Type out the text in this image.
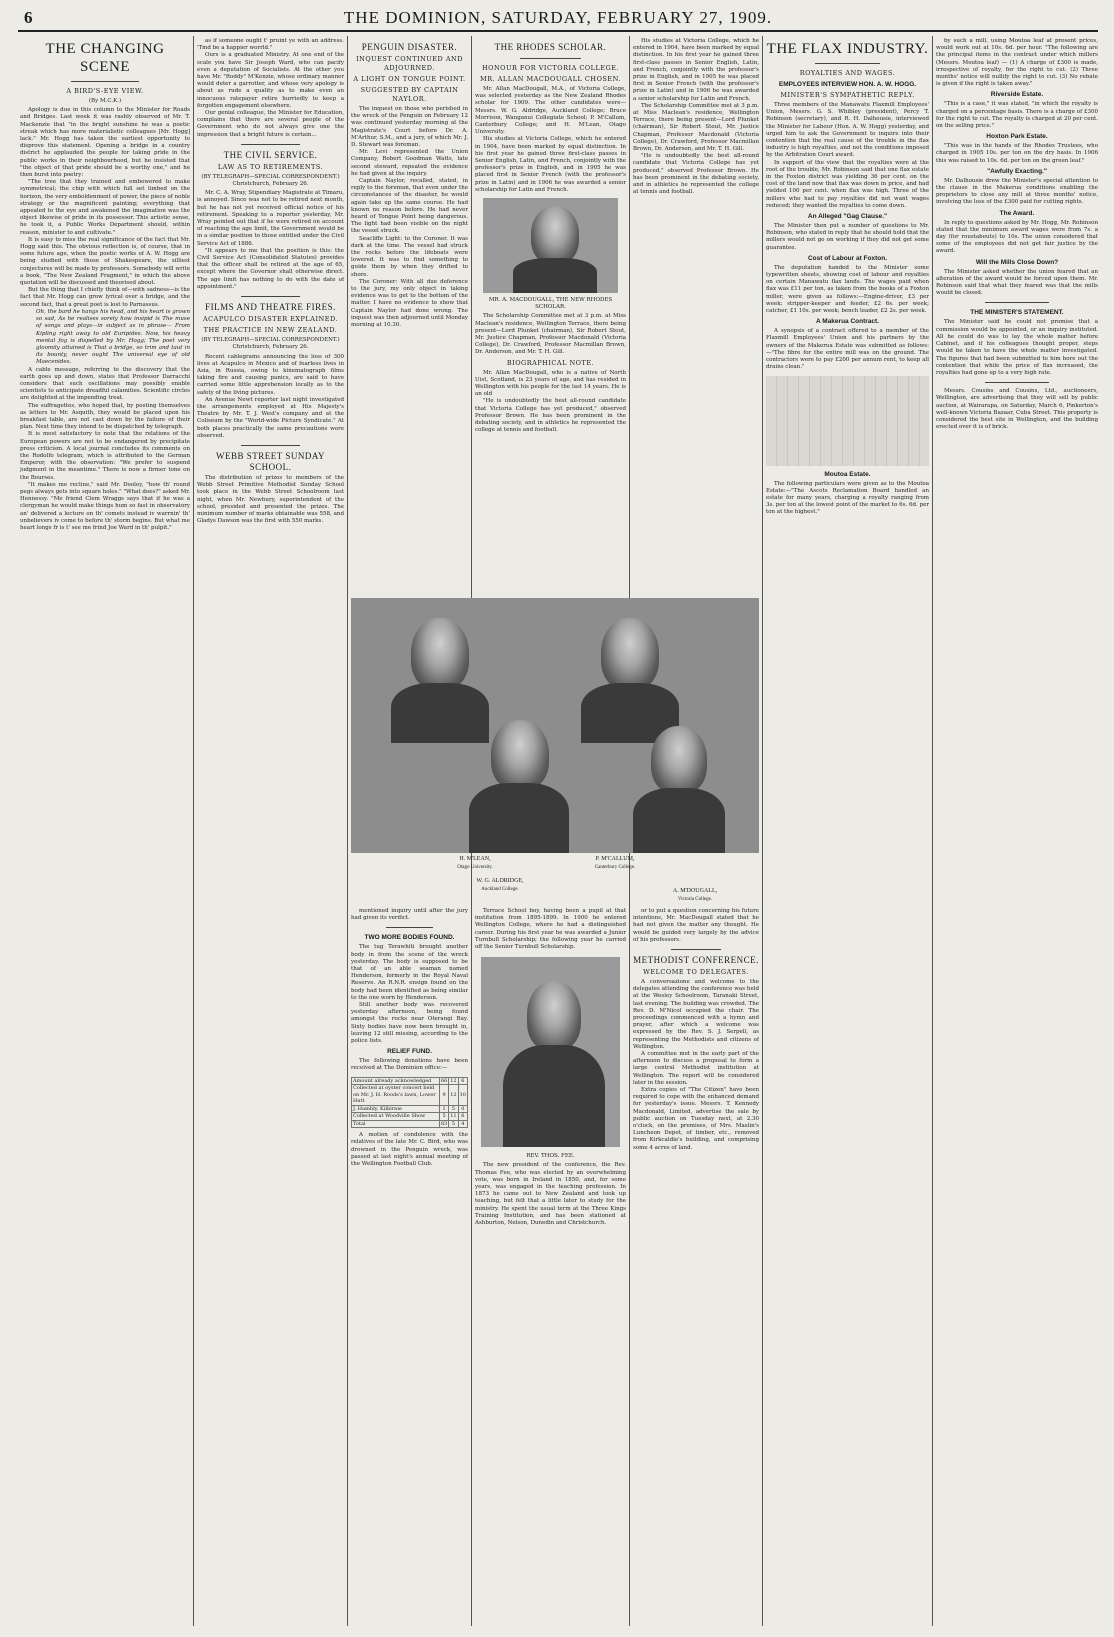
6	THE DOMINION, SATURDAY, FEBRUARY 27, 1909.
THE CHANGING SCENE
A BIRD'S-EYE VIEW.
(By M.C.K.)

Apology is due in this column to the Minister for Roads and Bridges. Last week it was rashly observed of Mr. T. Mackenzie that "in the bright sunshine he was a poetic streak which has more materialistic colleagues [Mr. Hogg] lack." Mr. Hogg has taken the earliest opportunity to disprove this statement. Opening a bridge in a country district he applauded the people for taking pride in the public works in their neighbourhood, but he insisted that "the object of that pride should be a worthy one," and he then burst into poetry:

"The tree that they trained and embowered to make symmetrical; the chip with which full set limbed on the horizon, the very emboldenment of power, the piece of noble strategy or the magnificent painting; everything that appealed to the eye and awakened the imagination was the object likewise of pride in its possessor. This artistic sense, he took it, a Public Works Department should, within reason, minister to and cultivate."

It is easy to miss the real significance of the fact that Mr. Hogg said this. The obvious reflection is, of course, that in some future age, when the poetic works of A. W. Hogg are being studied with those of Shakespeare, the silliest conjectures will be made by professors. Somebody will write a book, "The New Zealand Fragment," in which the above quotation will be discussed and theorised about.

But the thing that I chiefly think of—with sadness—is the fact that Mr. Hogg can grow lyrical over a bridge, and the second fact, that a great poet is lost to Parnassus.

Oh, the bard he hangs his head, and his heart is grown so sad, As he realises sorely how insipid is The muse of songs and plays—in subject as in phrase— From Kipling right away to old Euripides. Now, his heavy mental fog is dispelled by Mr. Hogg; The poet very gloomily attained is That a bridge, so trim and taut in its bounty, never ought The universal eye of old Maecenides.

A cable message, referring to the discovery that the earth goes up and down, states that Professor Darracchi considers that such oscillations may possibly enable scientists to anticipate dreadful calamities. Scientific circles are delighted at the impending treat.

The suffragettes, who hoped that, by posting themselves as letters to Mr. Asquith, they would be placed upon his breakfast table, are not cast down by the failure of their plan. Next time they intend to be dispatched by telegraph.

It is most satisfactory to note that the relations of the European powers are not to be endangered by precipitate press criticism. A local journal concludes its comments on the Rodolfo telegram, which is attributed to the German Emperor, with the observation: "We prefer to suspend judgment in the meantime." There is now a firmer tone on the Bourses.

"It makes me recline," said Mr. Dooley, "how th' round pegs always gets into square holes." "What does?" asked Mr. Hennessy. "Me friend Clem Wraggs says that if he was a clergyman he would make things hum so fast in observatory an' delivered a lecture on th' comets instead iv warrnin' th' unbelievers iv come to before th' storm begins. But what me heart longs fr is t' see me frind Joe Ward in th' pulpit."

as if someone ought t' pruint ye with an address. 'Tmd be a happier worrld."

Ours is a graduated Ministry. At one end of the scale you have Sir Joseph Ward, who can pacify even a deputation of Socialists. At the other you have Mr. "Roddy" M'Kenzie, whose ordinary manner would deter a garrotter, and whose very apology is about as rude a quality as to make even an innocuous ratepayer retire hurriedly to keep a forgotten engagement elsewhere.

Our genial colleague, the Minister for Education, complains that there are several people of the Government who do not always give one the impression that a bright future is certain...

THE CIVIL SERVICE.
LAW AS TO RETIREMENTS.
(BY TELEGRAPH—SPECIAL CORRESPONDENT.) Christchurch, February 26.

Mr. C. A. Wray, Stipendiary Magistrate at Timaru, is annoyed. Since was not to be retired next month, but he has not yet received official notice of his retirement. Speaking to a reporter yesterday, Mr. Wray pointed out that if he were retired on account of reaching the age limit, the Government would be in a similar position to those entitled under the Civil Service Act of 1886.

"It appears to me that the position is this: the Civil Service Act (Consolidated Statutes) provides that the officer shall be retired at the age of 65, except where the Governor shall otherwise direct. The age limit has nothing to do with the date of appointment."

FILMS AND THEATRE FIRES.
ACAPULCO DISASTER EXPLAINED.
THE PRACTICE IN NEW ZEALAND.
(BY TELEGRAPH—SPECIAL CORRESPONDENT.) Christchurch, February 26.

Recent cablegrams announcing the loss of 300 lives at Acapulco in Mexico and of fearless lives in Asia, in Russia, owing to kinematograph films taking fire and causing panics, are said to have carried some little apprehension locally as to the safety of the living pictures.

An Avenue Newt reporter last night investigated the arrangements employed at His Majesty's Theatre by Mr. T. J. West's company and at the Coliseum by the "World-wide Picture Syndicate." At both places practically the same precautions were observed.

WEBB STREET SUNDAY SCHOOL.

The distribution of prizes to members of the Webb Street Primitive Methodist Sunday School took place in the Webb Street Schoolroom last night, when Mr. Newbury, superintendent of the school, presided and presented the prizes. The minimum number of marks obtainable was 558, and Gladys Dawson was the first with 550 marks.

PENGUIN DISASTER.
INQUEST CONTINUED AND ADJOURNED.
A LIGHT ON TONGUE POINT.
SUGGESTED BY CAPTAIN NAYLOR.

The inquest on those who perished in the wreck of the Penguin on February 12 was continued yesterday morning at the Magistrate's Court before Dr. A. M'Arthur, S.M., and a jury, of which Mr. J. D. Stewart was foreman.

Mr. Levi represented the Union Company, Robert Goodman Watts, late second steward, repeated the evidence he had given at the inquiry.

Captain Naylor, recalled, stated, in reply to the foreman, that even under the circumstances of the disaster, he would again take up the same course. He had known no reason before. He had never heard of Tongue Point being dangerous. The light had been visible on the night the vessel struck.

Seacliffe Light: to the Coroner. It was dark at the time. The vessel had struck the rocks before the lifeboats were lowered. It was to find something to guide them by when they drifted to shore.

The Coroner: With all due deference to the jury, my only object in taking evidence was to get to the bottom of the matter. I have no evidence to show that Captain Naylor had done wrong. The inquest was then adjourned until Monday morning at 10.30.

THE RHODES SCHOLAR.
HONOUR FOR VICTORIA COLLEGE.
MR. ALLAN MACDOUGALL CHOSEN.

Mr. Allan MacDougall, M.A., of Victoria College, was selected yesterday as the New Zealand Rhodes scholar for 1909. The other candidates were—Messrs. W. G. Aldridge, Auckland College; Bruce Morrison, Wanganui Collegiate School; P. M'Callum, Canterbury College; and H. M'Lean, Otago University.

His studies at Victoria College, which he entered in 1904, have been marked by equal distinction. In his first year he gained three first-class passes in Senior English, Latin, and French, conjointly with the professor's prize in English, and in 1905 he was placed first in Senior French (with the professor's prize in Latin) and in 1906 he was awarded a senior scholarship for Latin and French.

MR. A. MACDOUGALL, THE NEW RHODES SCHOLAR.

The Scholarship Committee met at 3 p.m. at Miss Maclean's residence, Wellington Terrace, there being present—Lord Plunket (chairman), Sir Robert Stout, Mr. Justice Chapman, Professor Macdonald (Victoria College), Dr. Crawford, Professor Macmillan Brown, Dr. Anderson, and Mr. T. H. Gill.

BIOGRAPHICAL NOTE.

Mr. Allan MacDougall, who is a native of North Uist, Scotland, is 23 years of age, and has resided in Wellington with his people for the last 14 years. He is an old

"He is undoubtedly the best all-round candidate that Victoria College has yet produced," observed Professor Brown. He has been prominent in the debating society, and in athletics he represented the college at tennis and football.

H. M'LEAN,
Otago University.
P. M'CALLUM,
Canterbury College.
W. G. ALDRIDGE,
Auckland College.	A. M'DOUGALL,
Victoria College.

mentioned inquiry until after the jury had given its verdict.

TWO MORE BODIES FOUND.

The tug Terawhiti brought another body in from the scene of the wreck yesterday. The body is supposed to be that of an able seaman named Henderson, formerly in the Royal Naval Reserve. An R.N.R. ensign found on the body had been identified as being similar to the one worn by Henderson.

Still another body was recovered yesterday afternoon, being found amongst the rocks near Oterangi Bay. Sixty bodies have now been brought in, leaving 12 still missing, according to the police lists.

RELIEF FUND.

The following donations have been received at The Dominion office:—

Amount already acknowledged	66	12	6
Collected at oyster concert held on Mr. J. H. Roods's lawn, Lower Hutt	9	12	10
J. Hambly, Kilbirnie	1	5	0
Collected at Woodville Show	5	11	6
Total	83	5	4

A motion of condolence with the relatives of the late Mr. C. Bird, who was drowned in the Penguin wreck, was passed at last night's annual meeting of the Wellington Football Club.

Terrace School boy, having been a pupil at that institution from 1895-1899. In 1900 he entered Wellington College, where he had a distinguished career. During his first year he was awarded a Junior Turnbull Scholarship; the following year he carried off the Senior Turnbull Scholarship.

REV. THOS. FEE.

The new president of the conference, the Rev. Thomas Fee, who was elected by an overwhelming vote, was born in Ireland in 1850, and, for some years, was engaged in the teaching profession. In 1873 he came out to New Zealand and took up teaching, but felt that a little later to study for the ministry. He spent the usual term at the Three Kings Training Institution, and has been stationed at Ashburton, Nelson, Dunedin and Christchurch.

or to put a question concerning his future intentions, Mr. MacDougall stated that he had not given the matter any thought. He would be guided very largely by the advice of his professors.

METHODIST CONFERENCE.
WELCOME TO DELEGATES.

A conversazione and welcome to the delegates attending the conference was held at the Wesley Schoolroom, Taranaki Street, last evening. The building was crowded. The Rev. D. M'Nicol occupied the chair. The proceedings commenced with a hymn and prayer, after which a welcome was expressed by the Rev. S. J. Serpell, as representing the Methodists and citizens of Wellington.

A committee met in the early part of the afternoon to discuss a proposal to form a large central Methodist institution at Wellington. The report will be considered later in the session.

Extra copies of "The Citizen" have been required to cope with the enhanced demand for yesterday's issue. Messrs. T. Kennedy Macdonald, Limited, advertise the sale by public auction on Tuesday next, at 2.30 o'clock, on the premises, of Mrs. Maslin's Luncheon Depot, of timber, etc., removed from Kirkcaldie's building, and comprising some 4 acres of land.

His studies at Victoria College, which he entered in 1904, have been marked by equal distinction. In his first year he gained three first-class passes in Senior English, Latin, and French, conjointly with the professor's prize in English, and in 1905 he was placed first in Senior French (with the professor's prize in Latin) and in 1906 he was awarded a senior scholarship for Latin and French.

The Scholarship Committee met at 3 p.m. at Miss Maclean's residence, Wellington Terrace, there being present—Lord Plunket (chairman), Sir Robert Stout, Mr. Justice Chapman, Professor Macdonald (Victoria College), Dr. Crawford, Professor Macmillan Brown, Dr. Anderson, and Mr. T. H. Gill.

"He is undoubtedly the best all-round candidate that Victoria College has yet produced," observed Professor Brown. He has been prominent in the debating society, and in athletics he represented the college at tennis and football.

THE FLAX INDUSTRY.
ROYALTIES AND WAGES.
EMPLOYEES INTERVIEW HON. A. W. HOGG.
MINISTER'S SYMPATHETIC REPLY.

Three members of the Manawatu Flaxmill Employees' Union, Messrs. G. S. Whibley (president), Percy T. Robinson (secretary), and R. H. Dalhousie, interviewed the Minister for Labour (Hon. A. W. Hogg) yesterday, and urged him to ask the Government to inquire into their contention that the real cause of the trouble in the flax industry is high royalties, and not the conditions imposed by the Arbitration Court award.

In support of the view that the royalties were at the root of the trouble, Mr. Robinson said that one flax estate in the Foxton district was yielding 36 per cent. on the cost of the land now that flax was down in price, and had yielded 100 per cent. when flax was high. Three of the millers who had to pay royalties did not want wages reduced; they wanted the royalties to come down.

An Alleged "Gag Clause."

The Minister then put a number of questions to Mr. Robinson, who stated in reply that he should hold that the millers would not go on working if they did not get some guarantee.

Cost of Labour at Foxton.

The deputation handed to the Minister some typewritten sheets, showing cost of labour and royalties on certain Manawatu flax lands. The wages paid when flax was £11 per ton, as taken from the books of a Foxton miller, were given as follows:—Engine-driver, £3 per week; stripper-keeper and feeder, £2 6s. per week; catcher, £1 10s. per week; bench leader, £2 2s. per week.

A Makerua Contract.

A synopsis of a contract offered to a member of the Flaxmill Employees' Union and his partners by the owners of the Makerua Estate was submitted as follows:—"The fibre for the entire mill was on the ground. The contractors were to pay £200 per annum rent, to keep all drains clean."

Moutoa Estate.

The following particulars were given as to the Moutoa Estate:—"The Ascots Reclamation Board handled an estate for many years, charging a royalty ranging from 3s. per ton at the lowest point of the market to 6s. 6d. per ton at the highest."

by such a mill, using Moutoa leaf at present prices, would work out at 10s. 6d. per hour. "The following are the principal items in the contract under which millers (Messrs. Moutoa leaf) — (1) A charge of £300 is made, irrespective of royalty, for the right to cut. (2) Three months' notice will nullify the right to cut. (3) No rebate is given if the right is taken away."

Riverside Estate.

"This is a case," it was stated, "in which the royalty is charged on a percentage basis. There is a charge of £300 for the right to cut. The royalty is charged at 20 per cent. on the selling price."

Hoxton Park Estate.

"This was in the hands of the Rhodes Trustees, who charged in 1905 10s. per ton on the dry basis. In 1906 this was raised to 10s. 6d. per ton on the green leaf."

"Awfully Exacting."

Mr. Dalhousie drew the Minister's special attention to the clause in the Makerua conditions enabling the proprietors to close any mill at three months' notice, involving the loss of the £300 paid for cutting rights.

The Award.

In reply to questions asked by Mr. Hogg, Mr. Robinson stated that the minimum award wages were from 7s. a day (for roustabouts) to 10s. The union considered that some of the employees did not get fair justice by the award.

Will the Mills Close Down?

The Minister asked whether the union feared that an alteration of the award would be forced upon them. Mr. Robinson said that what they feared was that the mills would be closed.

THE MINISTER'S STATEMENT.

The Minister said he could not promise that a commission would be appointed, or an inquiry instituted. All he could do was to lay the whole matter before Cabinet, and if his colleagues thought proper, steps would be taken to have the whole matter investigated. The figures that had been submitted to him bore out the contention that while the price of flax increased, the royalties had gone up to a very high rate.

Messrs. Cousins and Cousins, Ltd., auctioneers, Wellington, are advertising that they will sell by public auction, at Wairarapa, on Saturday, March 6, Pinkerton's well-known Victoria Bazaar, Cuba Street. This property is considered the best site in Wellington, and the building erected over it is of brick.
